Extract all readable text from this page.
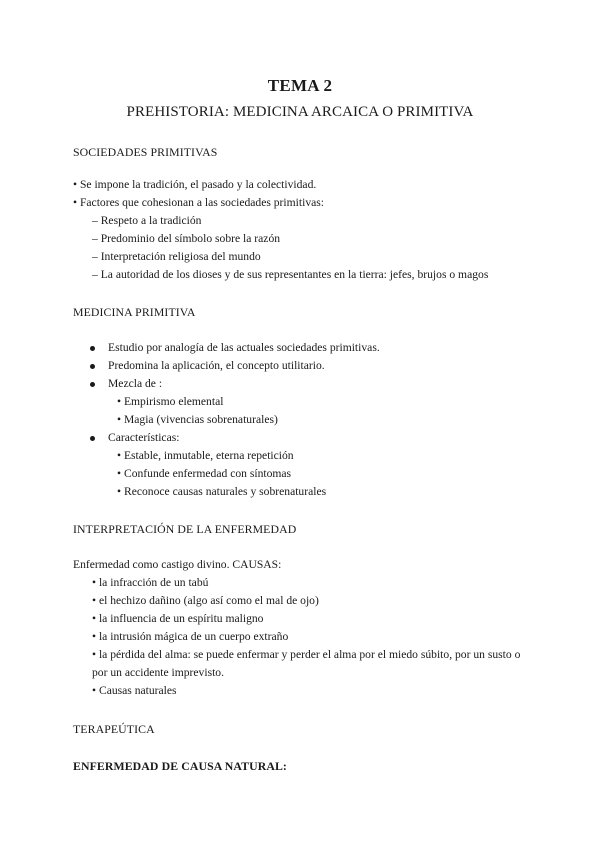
TEMA 2
PREHISTORIA: MEDICINA ARCAICA O PRIMITIVA
SOCIEDADES PRIMITIVAS
• Se impone la tradición, el pasado y la colectividad.
• Factores que cohesionan a las sociedades primitivas:
– Respeto a la tradición
– Predominio del símbolo sobre la razón
– Interpretación religiosa del mundo
– La autoridad de los dioses y de sus representantes en la tierra: jefes, brujos o magos
MEDICINA PRIMITIVA
Estudio por analogía de las actuales sociedades primitivas.
Predomina la aplicación, el concepto utilitario.
Mezcla de :
• Empirismo elemental
• Magia (vivencias sobrenaturales)
Características:
• Estable, inmutable, eterna repetición
• Confunde enfermedad con síntomas
• Reconoce causas naturales y sobrenaturales
INTERPRETACIÓN DE LA ENFERMEDAD
Enfermedad como castigo divino. CAUSAS:
• la infracción de un tabú
• el hechizo dañino (algo así como el mal de ojo)
• la influencia de un espíritu maligno
• la intrusión mágica de un cuerpo extraño
• la pérdida del alma: se puede enfermar y perder el alma por el miedo súbito, por un susto o
por un accidente imprevisto.
• Causas naturales
TERAPEÚTICA
ENFERMEDAD DE CAUSA NATURAL:
